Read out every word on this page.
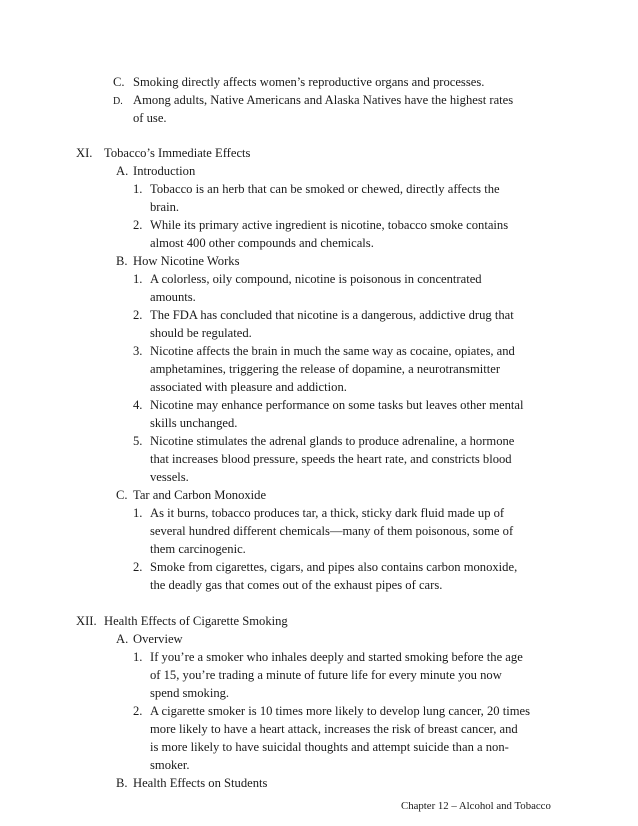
C. Smoking directly affects women’s reproductive organs and processes.
D. Among adults, Native Americans and Alaska Natives have the highest rates
of use.
XI. Tobacco’s Immediate Effects
A. Introduction
1. Tobacco is an herb that can be smoked or chewed, directly affects the
brain.
2. While its primary active ingredient is nicotine, tobacco smoke contains
almost 400 other compounds and chemicals.
B. How Nicotine Works
1. A colorless, oily compound, nicotine is poisonous in concentrated
amounts.
2. The FDA has concluded that nicotine is a dangerous, addictive drug that
should be regulated.
3. Nicotine affects the brain in much the same way as cocaine, opiates, and
amphetamines, triggering the release of dopamine, a neurotransmitter
associated with pleasure and addiction.
4. Nicotine may enhance performance on some tasks but leaves other mental
skills unchanged.
5. Nicotine stimulates the adrenal glands to produce adrenaline, a hormone
that increases blood pressure, speeds the heart rate, and constricts blood
vessels.
C. Tar and Carbon Monoxide
1. As it burns, tobacco produces tar, a thick, sticky dark fluid made up of
several hundred different chemicals—many of them poisonous, some of
them carcinogenic.
2. Smoke from cigarettes, cigars, and pipes also contains carbon monoxide,
the deadly gas that comes out of the exhaust pipes of cars.
XII. Health Effects of Cigarette Smoking
A. Overview
1. If you’re a smoker who inhales deeply and started smoking before the age
of 15, you’re trading a minute of future life for every minute you now
spend smoking.
2. A cigarette smoker is 10 times more likely to develop lung cancer, 20 times
more likely to have a heart attack, increases the risk of breast cancer, and
is more likely to have suicidal thoughts and attempt suicide than a non-
smoker.
B. Health Effects on Students
Chapter 12 – Alcohol and Tobacco
